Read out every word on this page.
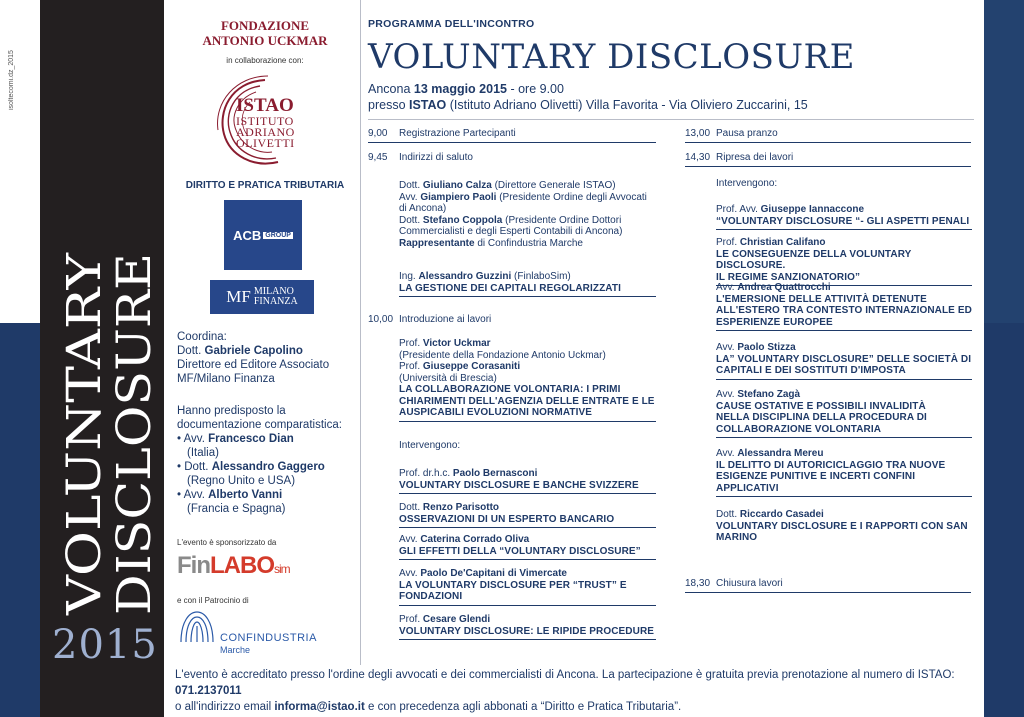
isoltecomi.dz_2015
VOLUNTARY
DISCLOSURE
2015
FONDAZIONE
ANTONIO UCKMAR
in collaborazione con:
ISTAO
ISTITUTO
ADRIANO
OLIVETTI
DIRITTO E PRATICA TRIBUTARIA
ACB GROUP
MF MILANO
FINANZA
Coordina:
Dott. Gabriele Capolino
Direttore ed Editore Associato
MF/Milano Finanza
Hanno predisposto la
documentazione comparatistica:
• Avv. Francesco Dian
(Italia)
• Dott. Alessandro Gaggero
(Regno Unito e USA)
• Avv. Alberto Vanni
(Francia e Spagna)
L'evento è sponsorizzato da
FinLABOsim
e con il Patrocinio di
CONFINDUSTRIA
Marche
PROGRAMMA DELL'INCONTRO
VOLUNTARY DISCLOSURE
Ancona 13 maggio 2015 - ore 9.00
presso ISTAO (Istituto Adriano Olivetti) Villa Favorita - Via Oliviero Zuccarini, 15
9,00	Registrazione Partecipanti
9,45	Indirizzi di saluto
Dott. Giuliano Calza (Direttore Generale ISTAO)
Avv. Giampiero Paoli (Presidente Ordine degli Avvocati
di Ancona)
Dott. Stefano Coppola (Presidente Ordine Dottori
Commercialisti e degli Esperti Contabili di Ancona)
Rappresentante di Confindustria Marche
Ing. Alessandro Guzzini (FinlaboSim)
LA GESTIONE DEI CAPITALI REGOLARIZZATI
10,00 Introduzione ai lavori
Prof. Victor Uckmar
(Presidente della Fondazione Antonio Uckmar)
Prof. Giuseppe Corasaniti
(Università di Brescia)
LA COLLABORAZIONE VOLONTARIA: I PRIMI
CHIARIMENTI DELL'AGENZIA DELLE ENTRATE E LE
AUSPICABILI EVOLUZIONI NORMATIVE
Intervengono:
Prof. dr.h.c. Paolo Bernasconi
VOLUNTARY DISCLOSURE E BANCHE SVIZZERE
Dott. Renzo Parisotto
OSSERVAZIONI DI UN ESPERTO BANCARIO
Avv. Caterina Corrado Oliva
GLI EFFETTI DELLA “VOLUNTARY DISCLOSURE”
Avv. Paolo De'Capitani di Vimercate
LA VOLUNTARY DISCLOSURE PER “TRUST” E
FONDAZIONI
Prof. Cesare Glendi
VOLUNTARY DISCLOSURE: LE RIPIDE PROCEDURE
13,00 Pausa pranzo
14,30 Ripresa dei lavori
Intervengono:
Prof. Avv. Giuseppe Iannaccone
“VOLUNTARY DISCLOSURE “- GLI ASPETTI PENALI
Prof. Christian Califano
LE CONSEGUENZE DELLA VOLUNTARY DISCLOSURE.
IL REGIME SANZIONATORIO”
Avv. Andrea Quattrocchi
L'EMERSIONE DELLE ATTIVITÀ DETENUTE
ALL'ESTERO TRA CONTESTO INTERNAZIONALE ED
ESPERIENZE EUROPEE
Avv. Paolo Stizza
LA” VOLUNTARY DISCLOSURE” DELLE SOCIETÀ DI
CAPITALI E DEI SOSTITUTI D'IMPOSTA
Avv. Stefano Zagà
CAUSE OSTATIVE E POSSIBILI INVALIDITÀ
NELLA DISCIPLINA DELLA PROCEDURA DI
COLLABORAZIONE VOLONTARIA
Avv. Alessandra Mereu
IL DELITTO DI AUTORICICLAGGIO TRA NUOVE
ESIGENZE PUNITIVE E INCERTI CONFINI
APPLICATIVI
Dott. Riccardo Casadei
VOLUNTARY DISCLOSURE E I RAPPORTI CON SAN
MARINO
18,30 Chiusura lavori
L'evento è accreditato presso l'ordine degli avvocati e dei commercialisti di Ancona. La partecipazione è gratuita previa prenotazione al numero di ISTAO: 071.2137011
o all'indirizzo email informa@istao.it e con precedenza agli abbonati a “Diritto e Pratica Tributaria”.
